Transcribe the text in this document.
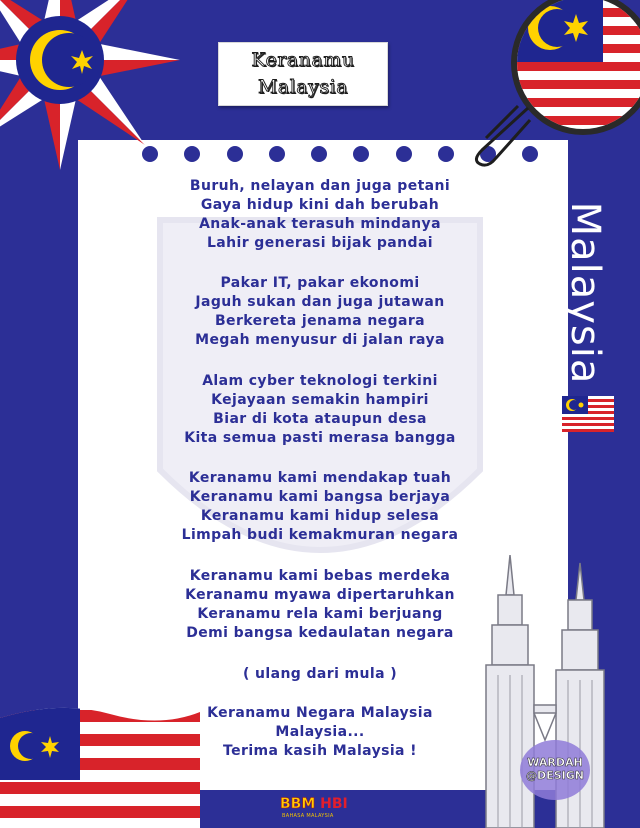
Keranamu
Malaysia
Malaysia
Buruh, nelayan dan juga petani
Gaya hidup kini dah berubah
Anak-anak terasuh mindanya
Lahir generasi bijak pandai
Pakar IT, pakar ekonomi
Jaguh sukan dan juga jutawan
Berkereta jenama negara
Megah menyusur di jalan raya
Alam cyber teknologi terkini
Kejayaan semakin hampiri
Biar di kota ataupun desa
Kita semua pasti merasa bangga
Keranamu kami mendakap tuah
Keranamu kami bangsa berjaya
Keranamu kami hidup selesa
Limpah budi kemakmuran negara
Keranamu kami bebas merdeka
Keranamu myawa dipertaruhkan
Keranamu rela kami berjuang
Demi bangsa kedaulatan negara
( ulang dari mula )
Keranamu Negara Malaysia
Malaysia...
Terima kasih Malaysia !
WARDAH
@DESIGN
BBM HBI
BAHASA MALAYSIA
